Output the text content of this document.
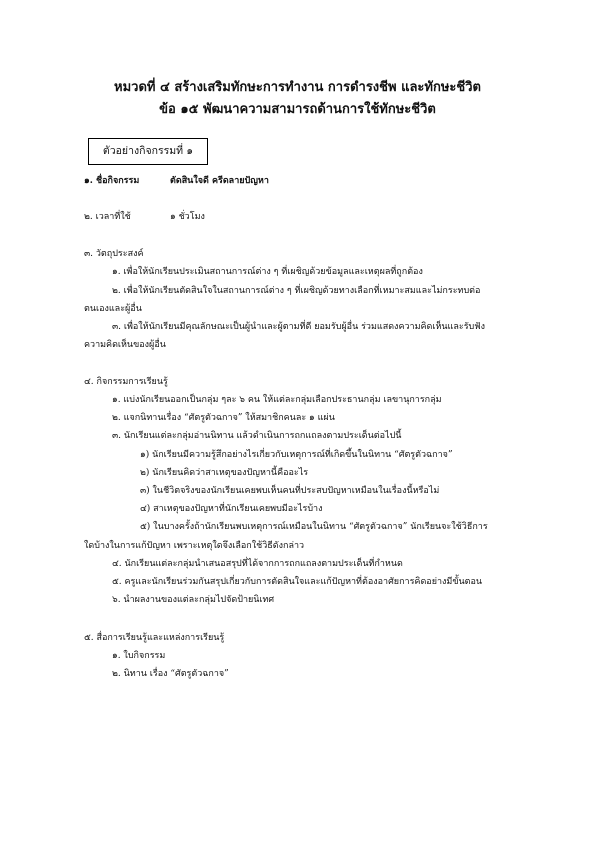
หมวดที่ ๔ สร้างเสริมทักษะการทำงาน การดำรงชีพ และทักษะชีวิต
ข้อ ๑๕ พัฒนาความสามารถด้านการใช้ทักษะชีวิต
ตัวอย่างกิจกรรมที่ ๑
๑. ชื่อกิจกรรม	ตัดสินใจดี ครีดลายปัญหา
๒. เวลาที่ใช้	๑ ชั่วโมง
๓. วัตถุประสงค์
๑. เพื่อให้นักเรียนประเมินสถานการณ์ต่าง ๆ ที่เผชิญด้วยข้อมูลและเหตุผลที่ถูกต้อง
๒. เพื่อให้นักเรียนตัดสินใจในสถานการณ์ต่าง ๆ ที่เผชิญด้วยทางเลือกที่เหมาะสมและไม่กระทบต่อ
ตนเองและผู้อื่น
๓. เพื่อให้นักเรียนมีคุณลักษณะเป็นผู้นำและผู้ตามที่ดี ยอมรับผู้อื่น ร่วมแสดงความคิดเห็นและรับฟัง
ความคิดเห็นของผู้อื่น
๔. กิจกรรมการเรียนรู้
๑. แบ่งนักเรียนออกเป็นกลุ่ม ๆละ ๖ คน ให้แต่ละกลุ่มเลือกประธานกลุ่ม เลขานุการกลุ่ม
๒. แจกนิทานเรื่อง “ศัตรูตัวฉกาจ” ให้สมาชิกคนละ ๑ แผ่น
๓. นักเรียนแต่ละกลุ่มอ่านนิทาน แล้วดำเนินการถกแถลงตามประเด็นต่อไปนี้
๑) นักเรียนมีความรู้สึกอย่างไรเกี่ยวกับเหตุการณ์ที่เกิดขึ้นในนิทาน “ศัตรูตัวฉกาจ”
๒) นักเรียนคิดว่าสาเหตุของปัญหานี้คืออะไร
๓) ในชีวิตจริงของนักเรียนเคยพบเห็นคนที่ประสบปัญหาเหมือนในเรื่องนี้หรือไม่
๔) สาเหตุของปัญหาที่นักเรียนเคยพบมีอะไรบ้าง
๕) ในบางครั้งถ้านักเรียนพบเหตุการณ์เหมือนในนิทาน “ศัตรูตัวฉกาจ” นักเรียนจะใช้วิธีการ
ใดบ้างในการแก้ปัญหา เพราะเหตุใดจึงเลือกใช้วิธีดังกล่าว
๔. นักเรียนแต่ละกลุ่มนำเสนอสรุปที่ได้จากการถกแถลงตามประเด็นที่กำหนด
๕. ครูและนักเรียนร่วมกันสรุปเกี่ยวกับการตัดสินใจและแก้ปัญหาที่ต้องอาศัยการคิดอย่างมีขั้นตอน
๖. นำผลงานของแต่ละกลุ่มไปจัดป้ายนิเทศ
๕. สื่อการเรียนรู้และแหล่งการเรียนรู้
๑. ใบกิจกรรม
๒. นิทาน เรื่อง “ศัตรูตัวฉกาจ”
